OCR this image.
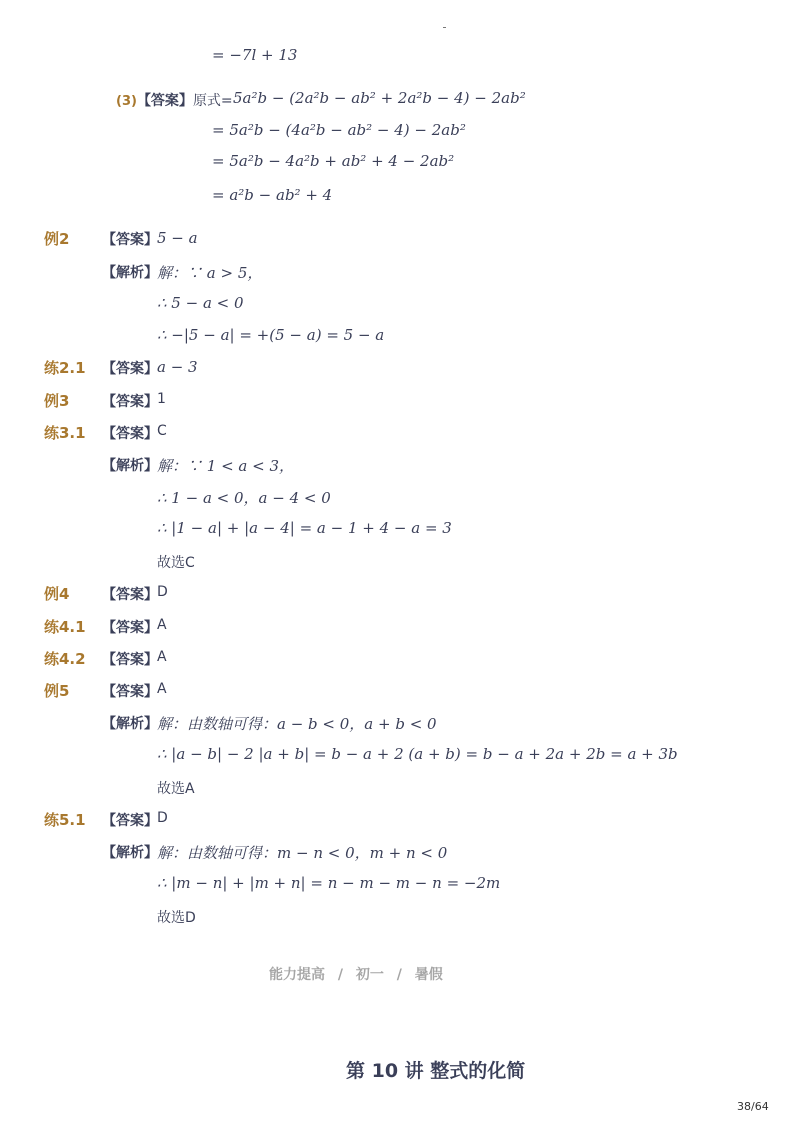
= −7l + 13
(3)【答案】原式= 5a²b − (2a²b − ab² + 2a²b − 4) − 2ab²
= 5a²b − (4a²b − ab² − 4) − 2ab²
= 5a²b − 4a²b + ab² + 4 − 2ab²
= a²b − ab² + 4
例2 【答案】 5 − a
【解析】 解：∵ a > 5，
∴ 5 − a < 0
∴ −|5 − a| = +(5 − a) = 5 − a
练2.1 【答案】 a − 3
例3 【答案】 1
练3.1 【答案】 C
【解析】 解：∵ 1 < a < 3，
∴ 1 − a < 0，a − 4 < 0
∴ |1 − a| + |a − 4| = a − 1 + 4 − a = 3
故选C
例4 【答案】 D
练4.1 【答案】 A
练4.2 【答案】 A
例5 【答案】 A
【解析】 解：由数轴可得：a − b < 0，a + b < 0
∴ |a − b| − 2 |a + b| = b − a + 2 (a + b) = b − a + 2a + 2b = a + 3b
故选A
练5.1 【答案】 D
【解析】 解：由数轴可得：m − n < 0，m + n < 0
∴ |m − n| + |m + n| = n − m − m − n = −2m
故选D
能力提高 / 初一 / 暑假
第 10 讲 整式的化简
38/64
